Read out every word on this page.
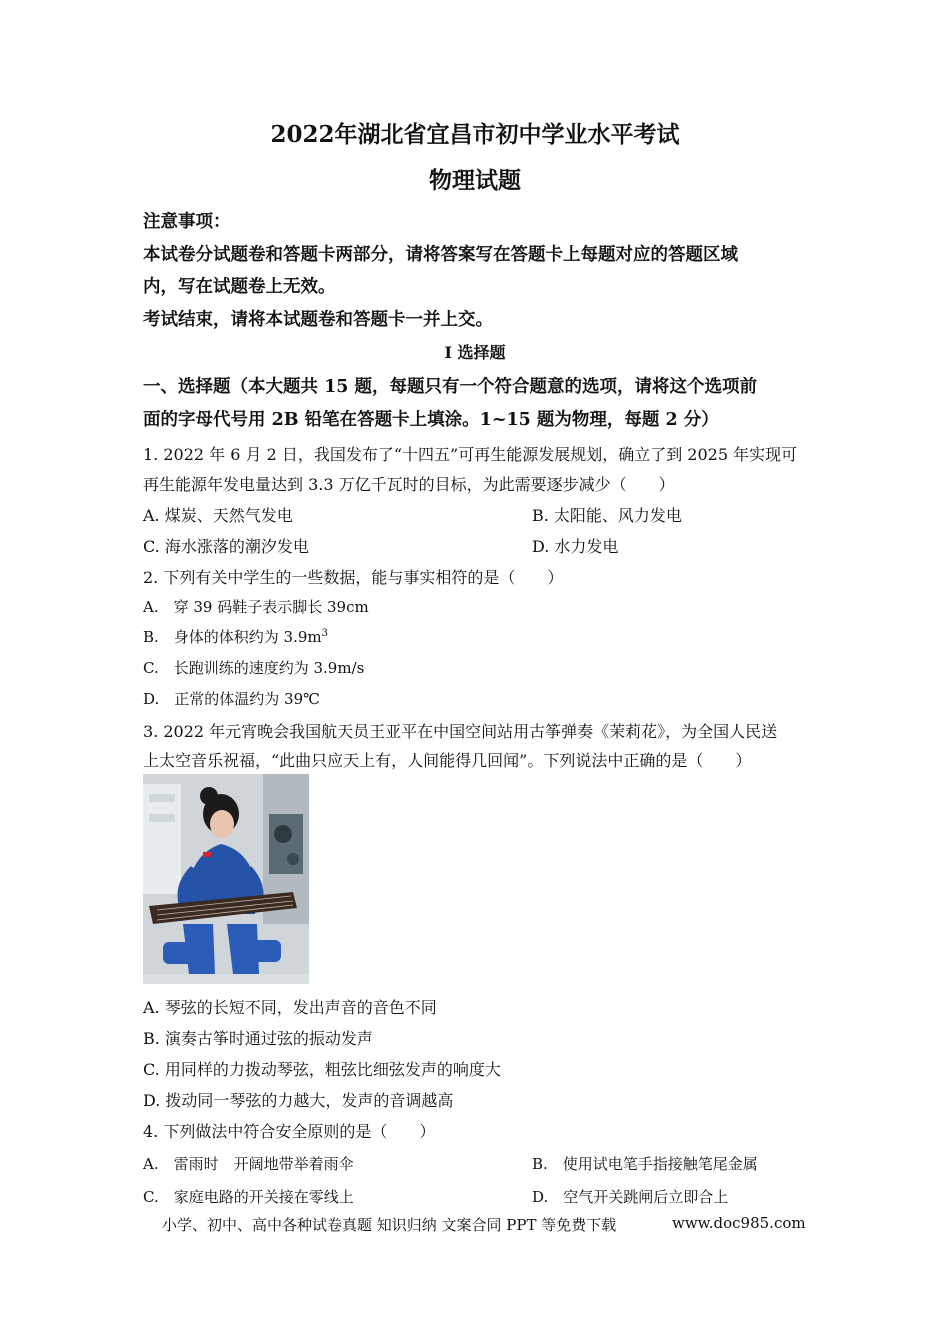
2022年湖北省宜昌市初中学业水平考试
物理试题
注意事项：
本试卷分试题卷和答题卡两部分，请将答案写在答题卡上每题对应的答题区域
内，写在试题卷上无效。
考试结束，请将本试题卷和答题卡一并上交。
I 选择题
一、选择题（本大题共 15 题，每题只有一个符合题意的选项，请将这个选项前
面的字母代号用 2B 铅笔在答题卡上填涂。1~15 题为物理，每题 2 分）
1. 2022 年 6 月 2 日，我国发布了“十四五”可再生能源发展规划，确立了到 2025 年实现可
再生能源年发电量达到 3.3 万亿千瓦时的目标，为此需要逐步减少（　　）
A. 煤炭、天然气发电	B. 太阳能、风力发电
C. 海水涨落的潮汐发电	D. 水力发电
2. 下列有关中学生的一些数据，能与事实相符的是（　　）
A.　穿 39 码鞋子表示脚长 39cm
B.　身体的体积约为 $3.9m^3$
C.　长跑训练的速度约为 3.9m/s
D.　正常的体温约为 39℃
3. 2022 年元宵晚会我国航天员王亚平在中国空间站用古筝弹奏《茉莉花》，为全国人民送
上太空音乐祝福，“此曲只应天上有，人间能得几回闻”。下列说法中正确的是（　　）
A. 琴弦的长短不同，发出声音的音色不同
B. 演奏古筝时通过弦的振动发声
C. 用同样的力拨动琴弦，粗弦比细弦发声的响度大
D. 拨动同一琴弦的力越大，发声的音调越高
4. 下列做法中符合安全原则的是（　　）
A.　雷雨时　开阔地带举着雨伞	B.　使用试电笔手指接触笔尾金属
C.　家庭电路的开关接在零线上	D.　空气开关跳闸后立即合上
小学、初中、高中各种试卷真题 知识归纳 文案合同 PPT 等免费下载	www.doc985.com
